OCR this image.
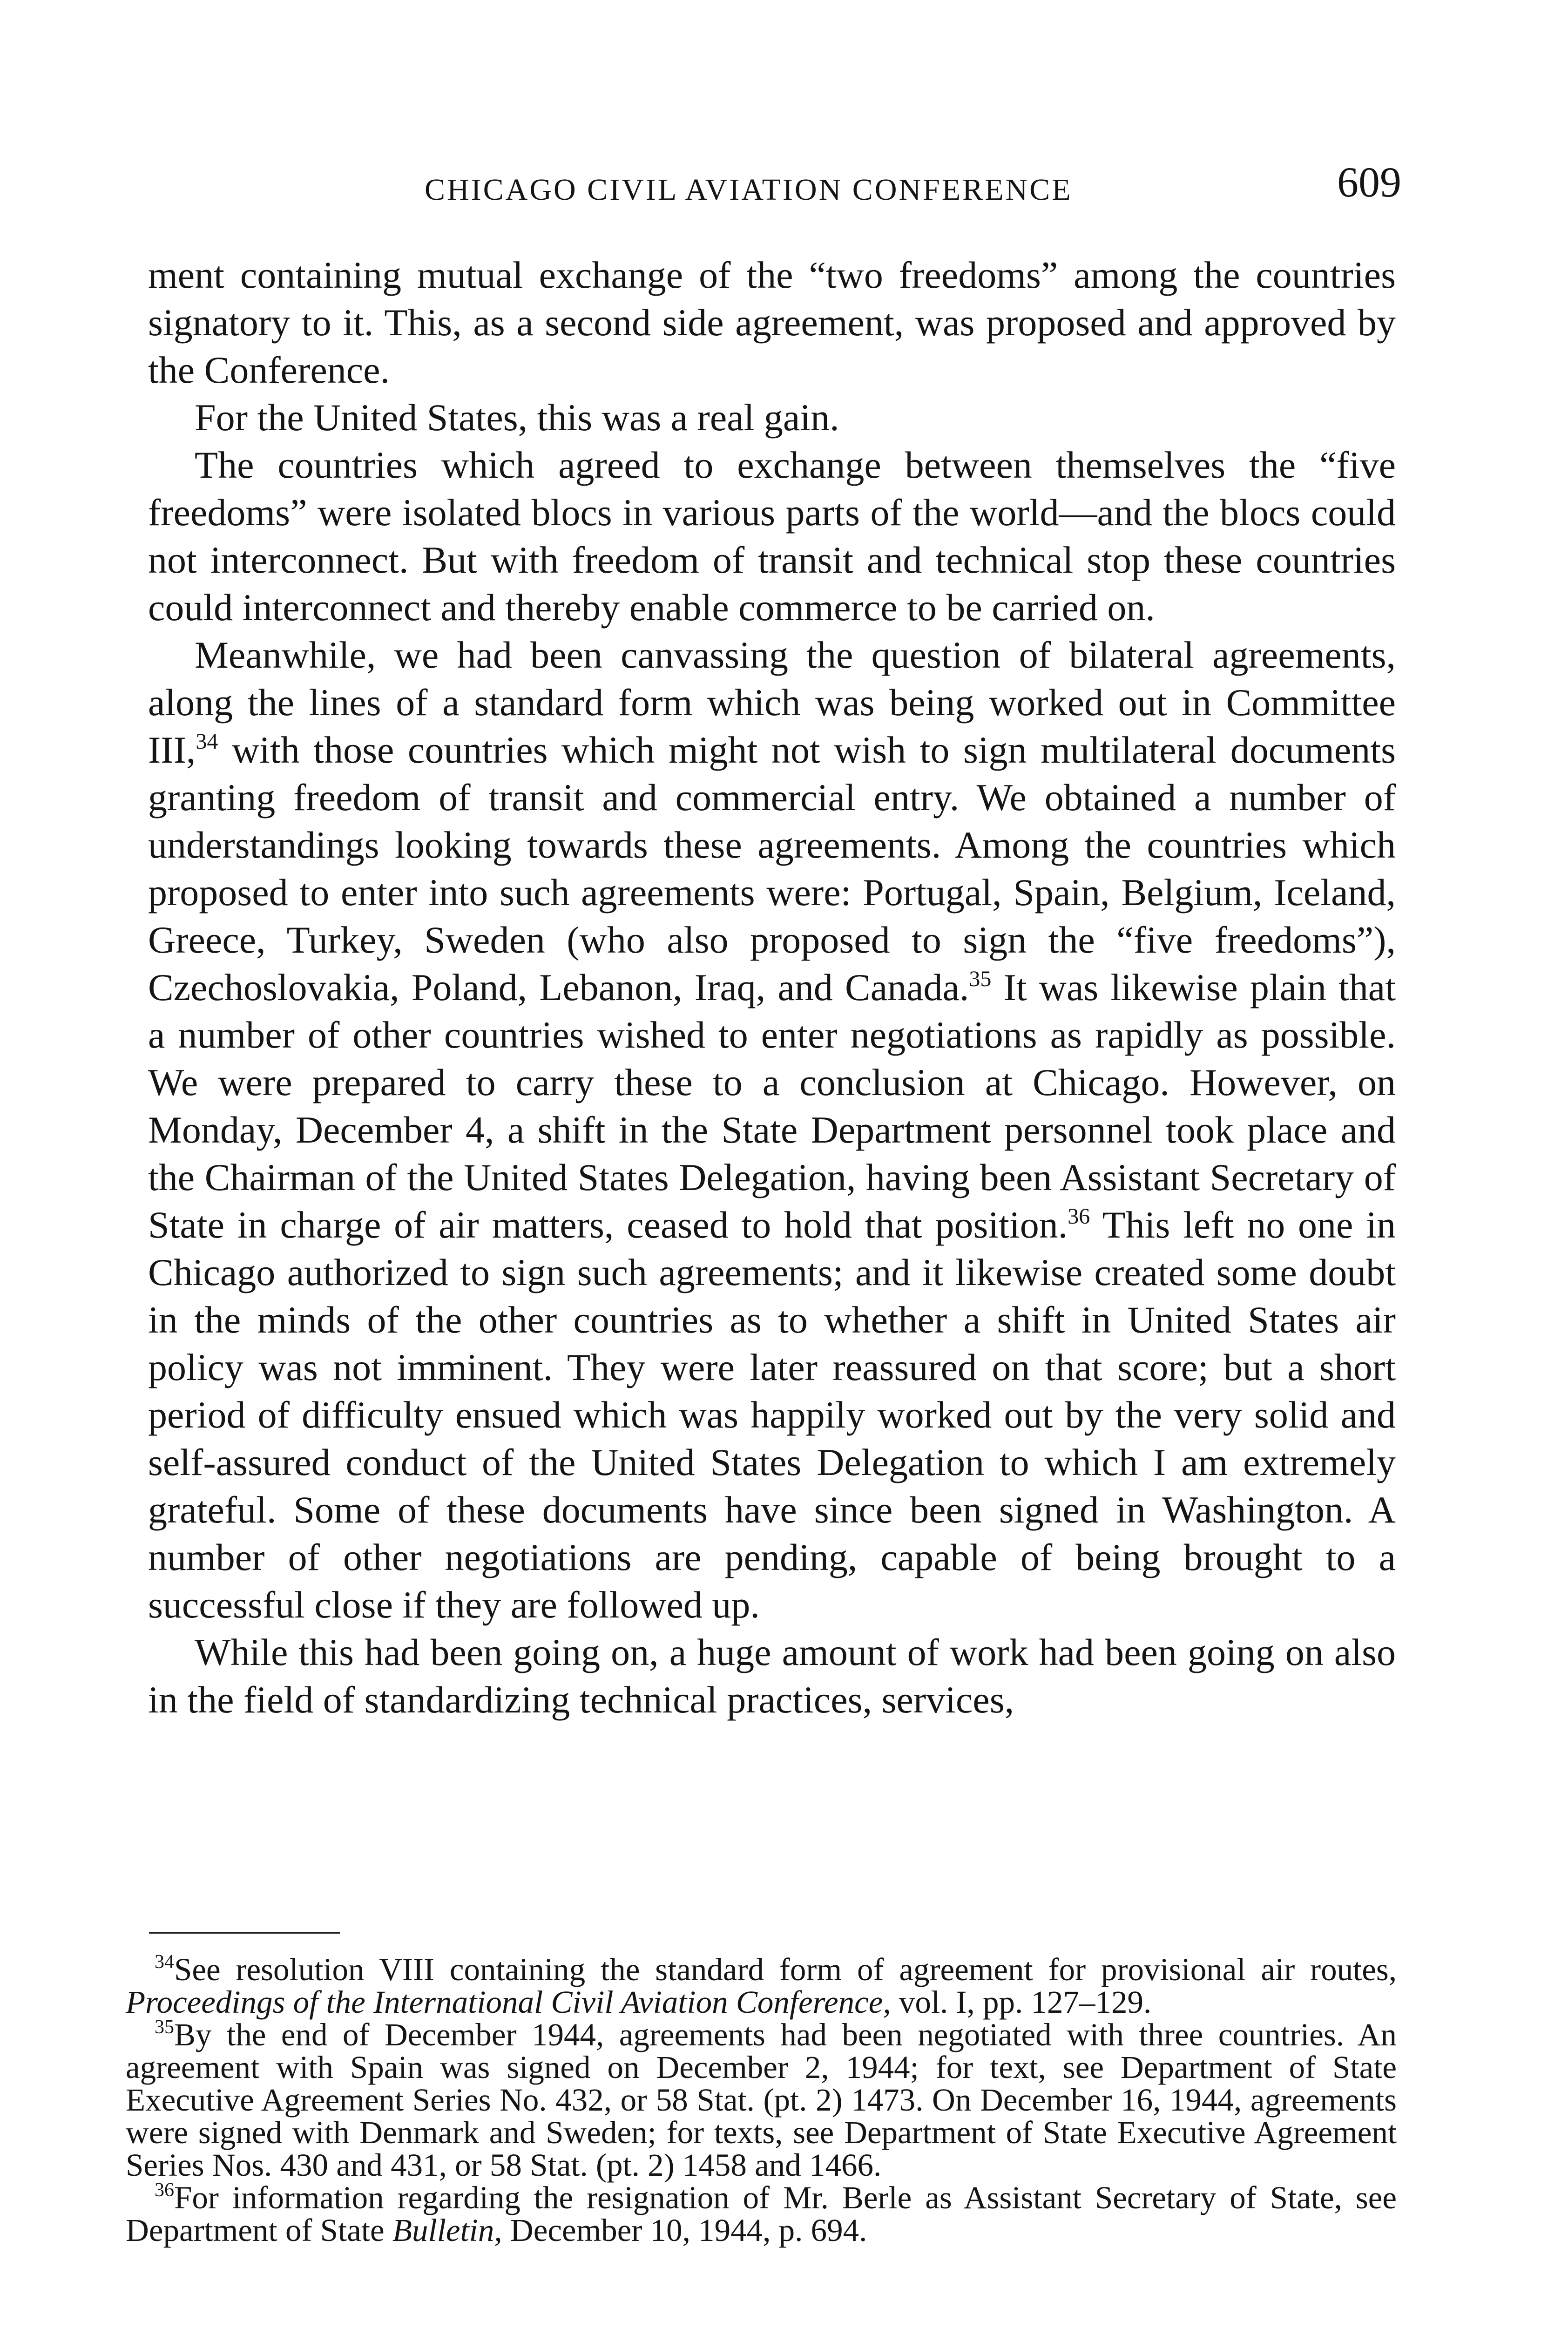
CHICAGO CIVIL AVIATION CONFERENCE	609

ment containing mutual exchange of the “two freedoms” among the countries signatory to it. This, as a second side agreement, was proposed and approved by the Conference.

For the United States, this was a real gain.

The countries which agreed to exchange between themselves the “five freedoms” were isolated blocs in various parts of the world—and the blocs could not interconnect. But with freedom of transit and technical stop these countries could interconnect and thereby enable commerce to be carried on.

Meanwhile, we had been canvassing the question of bilateral agreements, along the lines of a standard form which was being worked out in Committee III,$^{34}$ with those countries which might not wish to sign multilateral documents granting freedom of transit and commercial entry. We obtained a number of understandings looking towards these agreements. Among the countries which proposed to enter into such agreements were: Portugal, Spain, Belgium, Iceland, Greece, Turkey, Sweden (who also proposed to sign the “five freedoms”), Czechoslovakia, Poland, Lebanon, Iraq, and Canada.$^{35}$ It was likewise plain that a number of other countries wished to enter negotiations as rapidly as possible. We were prepared to carry these to a conclusion at Chicago. However, on Monday, December 4, a shift in the State Department personnel took place and the Chairman of the United States Delegation, having been Assistant Secretary of State in charge of air matters, ceased to hold that position.$^{36}$ This left no one in Chicago authorized to sign such agreements; and it likewise created some doubt in the minds of the other countries as to whether a shift in United States air policy was not imminent. They were later reassured on that score; but a short period of difficulty ensued which was happily worked out by the very solid and self-assured conduct of the United States Delegation to which I am extremely grateful. Some of these documents have since been signed in Washington. A number of other negotiations are pending, capable of being brought to a successful close if they are followed up.

While this had been going on, a huge amount of work had been going on also in the field of standardizing technical practices, services,

$^{34}$See resolution VIII containing the standard form of agreement for provisional air routes, Proceedings of the International Civil Aviation Conference, vol. I, pp. 127–129.

$^{35}$By the end of December 1944, agreements had been negotiated with three countries. An agreement with Spain was signed on December 2, 1944; for text, see Department of State Executive Agreement Series No. 432, or 58 Stat. (pt. 2) 1473. On December 16, 1944, agreements were signed with Denmark and Sweden; for texts, see Department of State Executive Agreement Series Nos. 430 and 431, or 58 Stat. (pt. 2) 1458 and 1466.

$^{36}$For information regarding the resignation of Mr. Berle as Assistant Secretary of State, see Department of State Bulletin, December 10, 1944, p. 694.
